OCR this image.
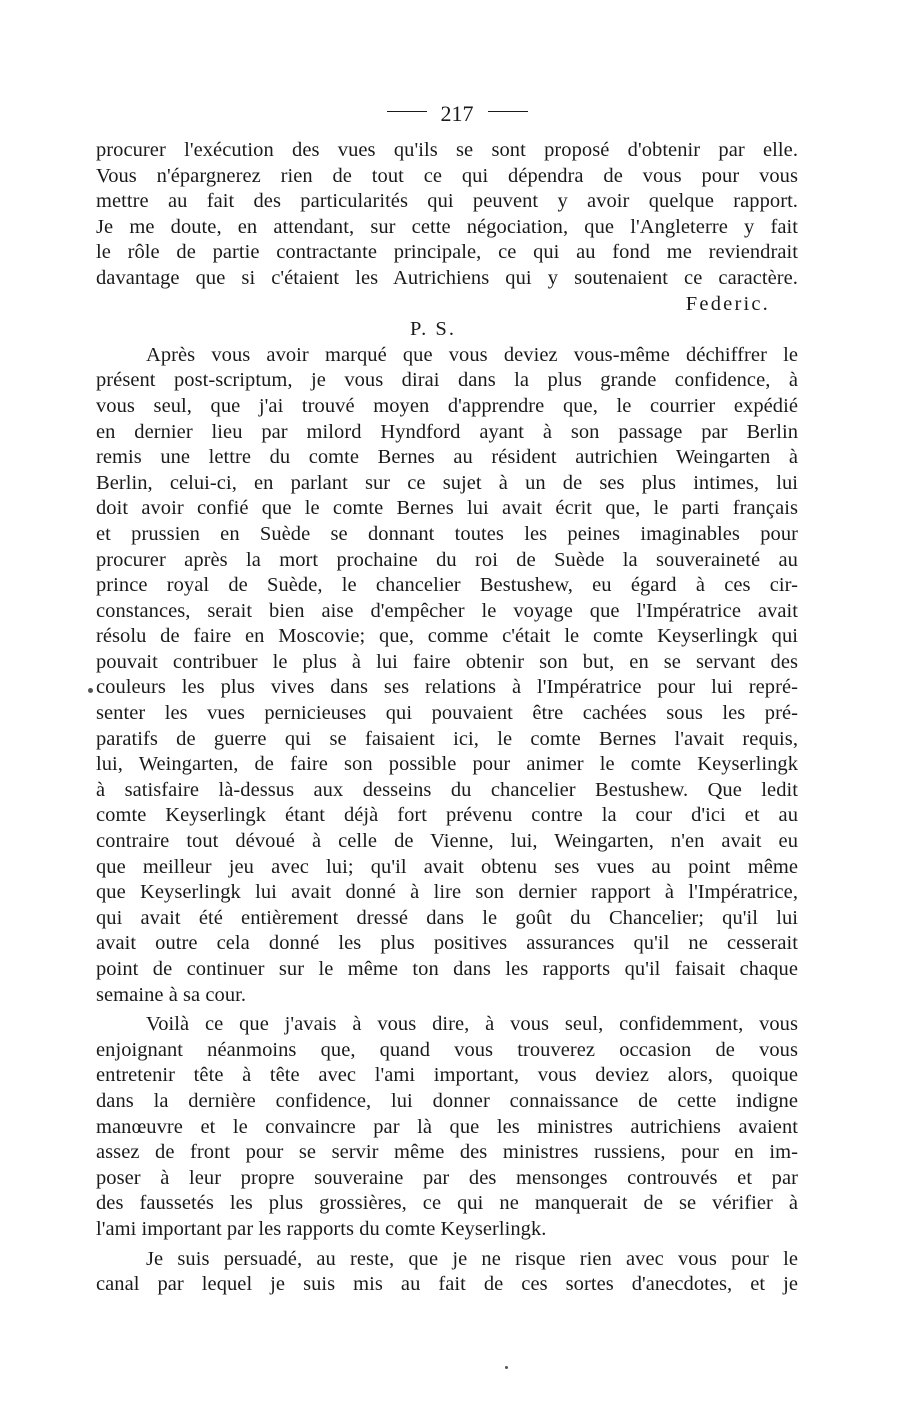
217
procurer l'exécution des vues qu'ils se sont proposé d'obtenir par elle.
Vous n'épargnerez rien de tout ce qui dépendra de vous pour vous
mettre au fait des particularités qui peuvent y avoir quelque rapport.
Je me doute, en attendant, sur cette négociation, que l'Angleterre y fait
le rôle de partie contractante principale, ce qui au fond me reviendrait
davantage que si c'étaient les Autrichiens qui y soutenaient ce caractère.
Federic.
P. S.
Après vous avoir marqué que vous deviez vous-même déchiffrer le
présent post-scriptum, je vous dirai dans la plus grande confidence, à
vous seul, que j'ai trouvé moyen d'apprendre que, le courrier expédié
en dernier lieu par milord Hyndford ayant à son passage par Berlin
remis une lettre du comte Bernes au résident autrichien Weingarten à
Berlin, celui-ci, en parlant sur ce sujet à un de ses plus intimes, lui
doit avoir confié que le comte Bernes lui avait écrit que, le parti français
et prussien en Suède se donnant toutes les peines imaginables pour
procurer après la mort prochaine du roi de Suède la souveraineté au
prince royal de Suède, le chancelier Bestushew, eu égard à ces cir-
constances, serait bien aise d'empêcher le voyage que l'Impératrice avait
résolu de faire en Moscovie; que, comme c'était le comte Keyserlingk qui
pouvait contribuer le plus à lui faire obtenir son but, en se servant des
couleurs les plus vives dans ses relations à l'Impératrice pour lui repré-
senter les vues pernicieuses qui pouvaient être cachées sous les pré-
paratifs de guerre qui se faisaient ici, le comte Bernes l'avait requis,
lui, Weingarten, de faire son possible pour animer le comte Keyserlingk
à satisfaire là-dessus aux desseins du chancelier Bestushew. Que ledit
comte Keyserlingk étant déjà fort prévenu contre la cour d'ici et au
contraire tout dévoué à celle de Vienne, lui, Weingarten, n'en avait eu
que meilleur jeu avec lui; qu'il avait obtenu ses vues au point même
que Keyserlingk lui avait donné à lire son dernier rapport à l'Impératrice,
qui avait été entièrement dressé dans le goût du Chancelier; qu'il lui
avait outre cela donné les plus positives assurances qu'il ne cesserait
point de continuer sur le même ton dans les rapports qu'il faisait chaque
semaine à sa cour.
Voilà ce que j'avais à vous dire, à vous seul, confidemment, vous
enjoignant néanmoins que, quand vous trouverez occasion de vous
entretenir tête à tête avec l'ami important, vous deviez alors, quoique
dans la dernière confidence, lui donner connaissance de cette indigne
manœuvre et le convaincre par là que les ministres autrichiens avaient
assez de front pour se servir même des ministres russiens, pour en im-
poser à leur propre souveraine par des mensonges controuvés et par
des faussetés les plus grossières, ce qui ne manquerait de se vérifier à
l'ami important par les rapports du comte Keyserlingk.
Je suis persuadé, au reste, que je ne risque rien avec vous pour le
canal par lequel je suis mis au fait de ces sortes d'anecdotes, et je
